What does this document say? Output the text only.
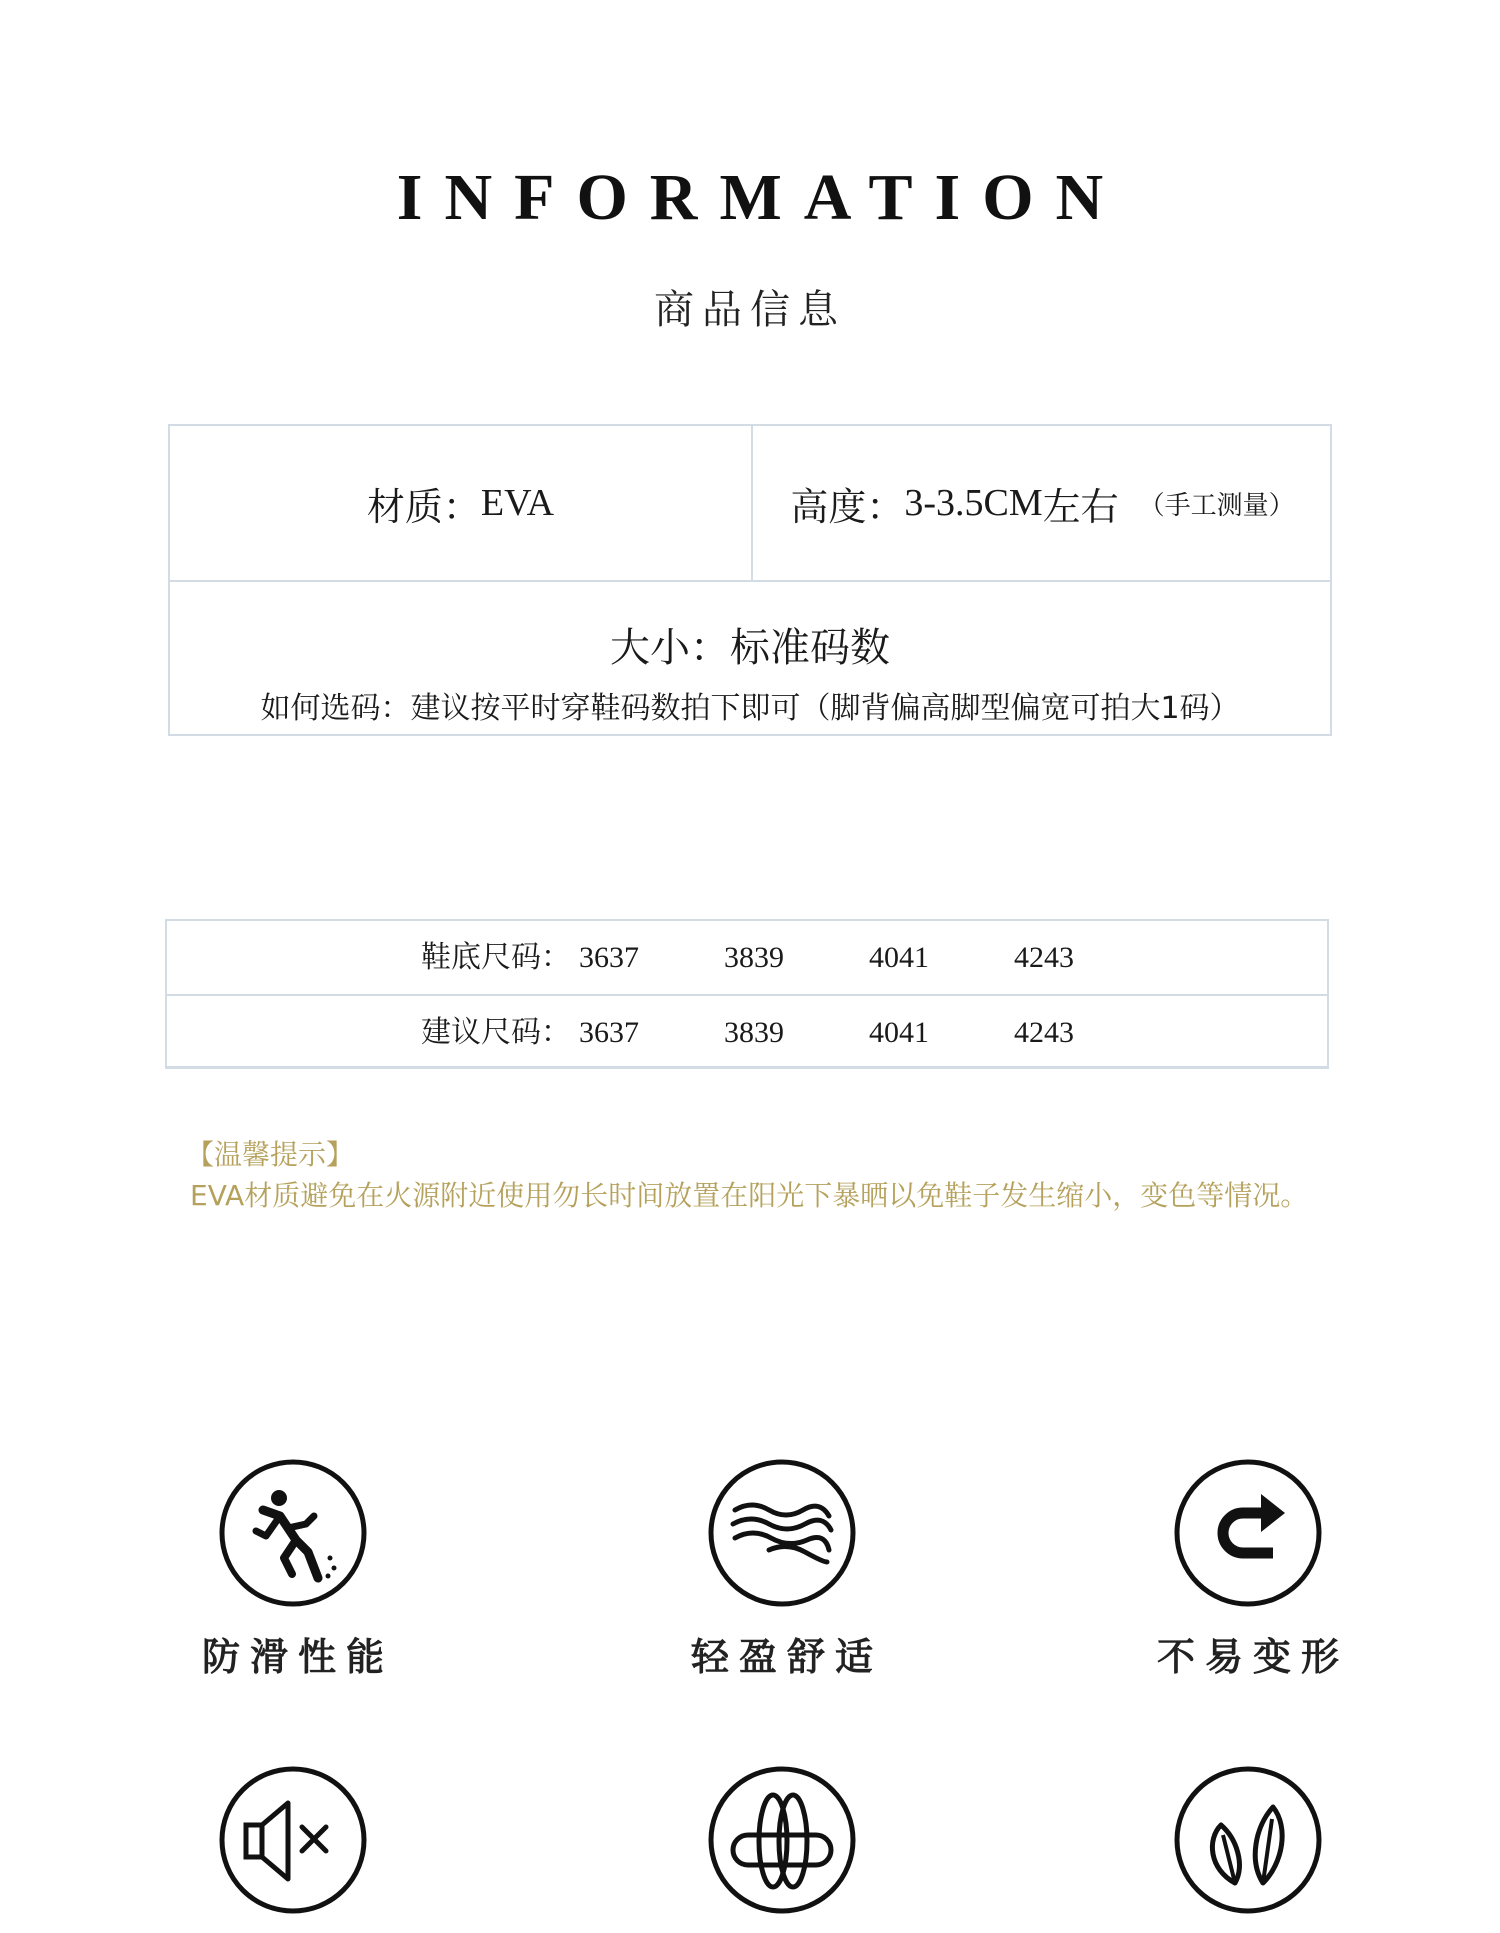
INFORMATION
商品信息
材质： EVA	高度： 3-3.5CM 左右 （手工测量）
大小：标准码数
如何选码：建议按平时穿鞋码数拍下即可（脚背偏高脚型偏宽可拍大1码）
鞋底尺码： 3637	3839	4041	4243
建议尺码： 3637	3839	4041	4243
【温馨提示】
EVA材质避免在火源附近使用勿长时间放置在阳光下暴晒以免鞋子发生缩小，变色等情况。
防滑性能	轻盈舒适	不易变形
